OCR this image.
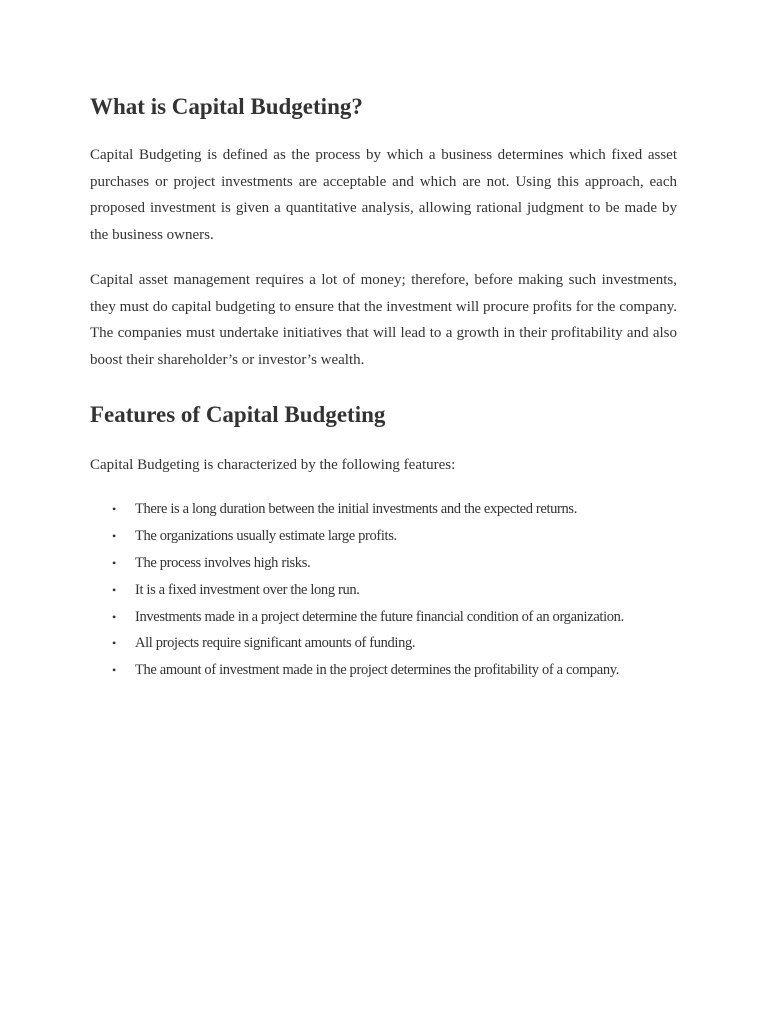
What is Capital Budgeting?

Capital Budgeting is defined as the process by which a business determines which fixed asset purchases or project investments are acceptable and which are not. Using this approach, each proposed investment is given a quantitative analysis, allowing rational judgment to be made by the business owners.

Capital asset management requires a lot of money; therefore, before making such investments, they must do capital budgeting to ensure that the investment will procure profits for the company. The companies must undertake initiatives that will lead to a growth in their profitability and also boost their shareholder’s or investor’s wealth.

Features of Capital Budgeting

Capital Budgeting is characterized by the following features:

• There is a long duration between the initial investments and the expected returns.
• The organizations usually estimate large profits.
• The process involves high risks.
• It is a fixed investment over the long run.
• Investments made in a project determine the future financial condition of an organization.
• All projects require significant amounts of funding.
• The amount of investment made in the project determines the profitability of a company.
